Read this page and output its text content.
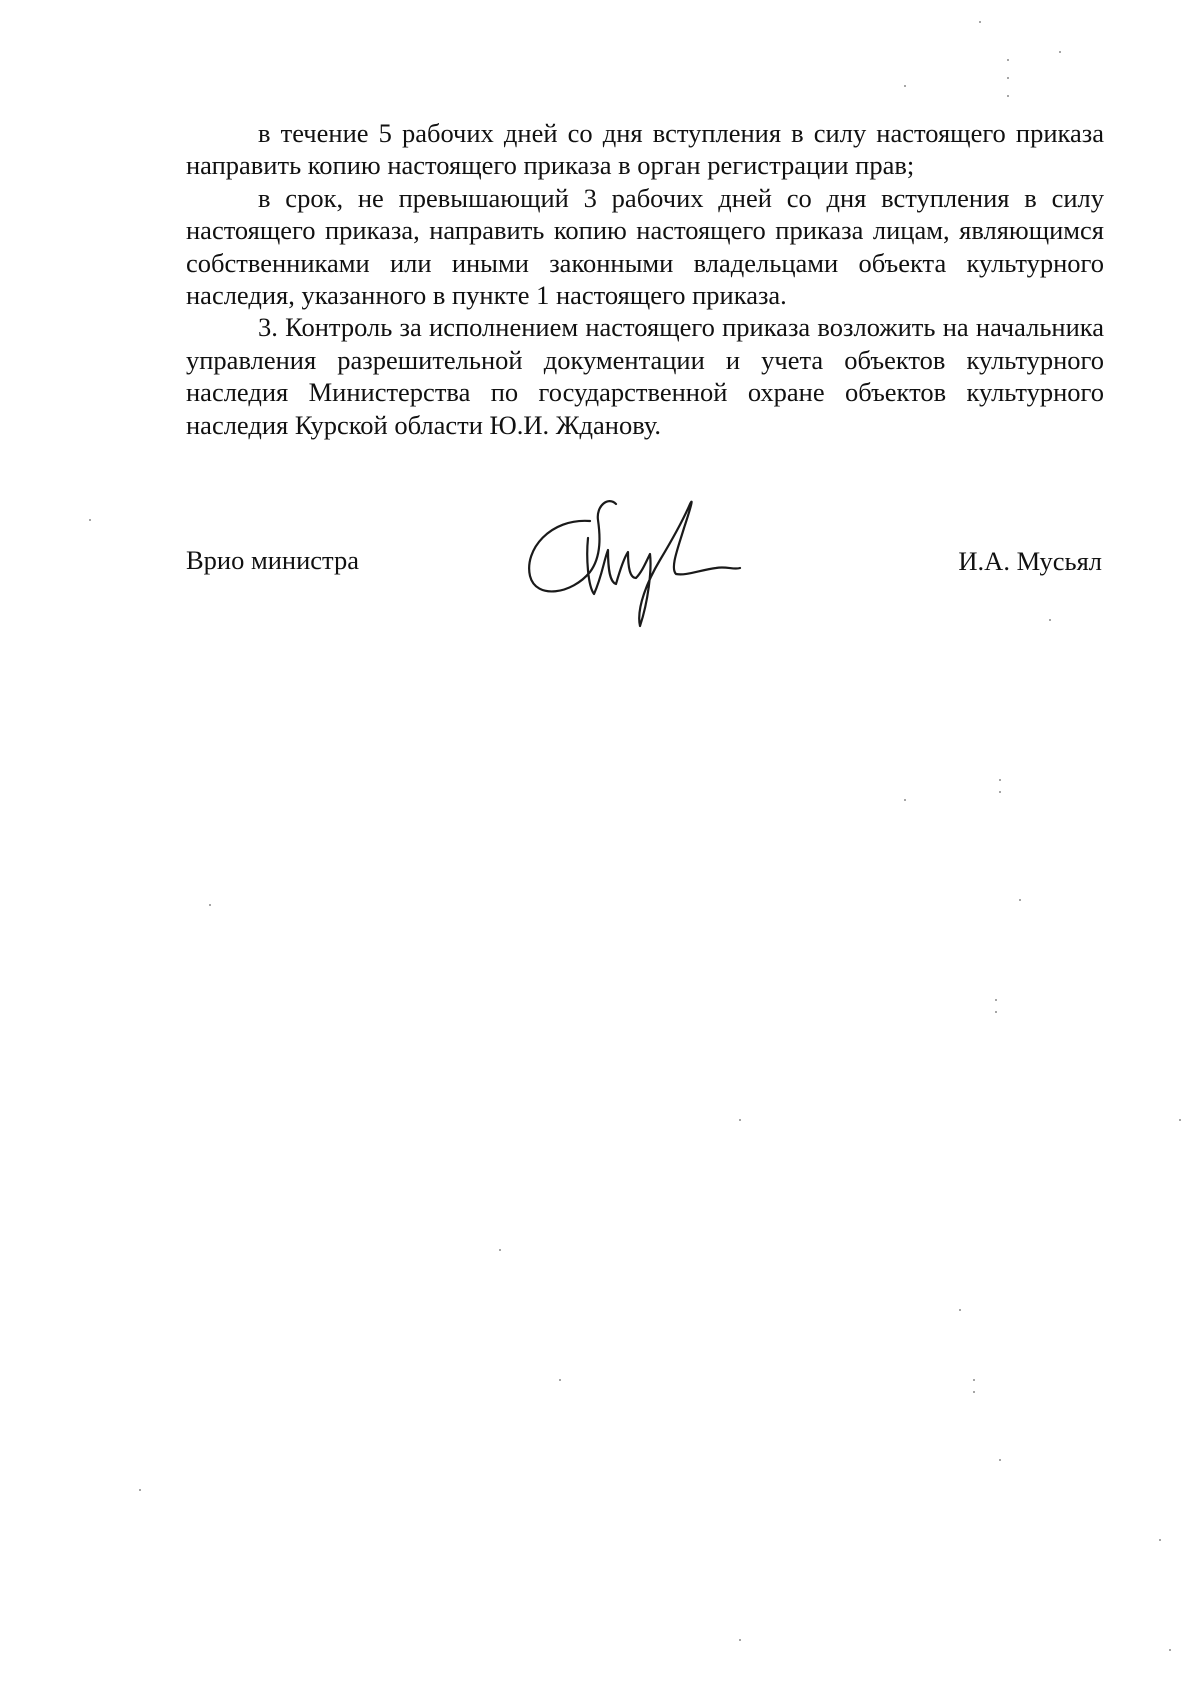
в течение 5 рабочих дней со дня вступления в силу настоящего приказа направить копию настоящего приказа в орган регистрации прав;

в срок, не превышающий 3 рабочих дней со дня вступления в силу настоящего приказа, направить копию настоящего приказа лицам, являющимся собственниками или иными законными владельцами объекта культурного наследия, указанного в пункте 1 настоящего приказа.

3. Контроль за исполнением настоящего приказа возложить на начальника управления разрешительной документации и учета объектов культурного наследия Министерства по государственной охране объектов культурного наследия Курской области Ю.И. Жданову.

Врио министра	И.А. Мусьял
